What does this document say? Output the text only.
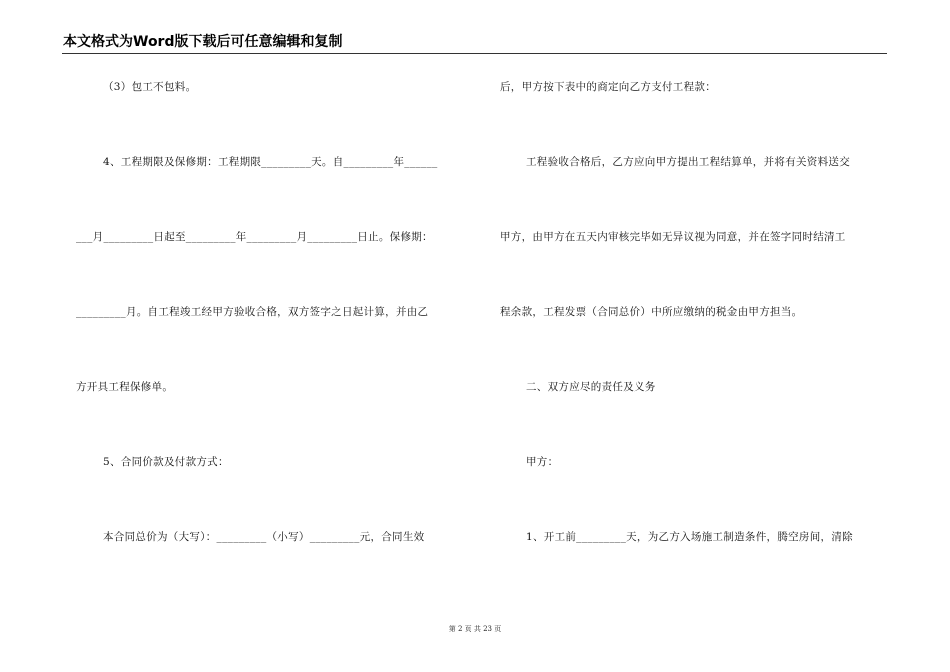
本文格式为Word版下载后可任意编辑和复制
（3）包工不包料。
4、工程期限及保修期：工程期限_________天。自_________年______
___月_________日起至_________年_________月_________日止。保修期：
_________月。自工程竣工经甲方验收合格，双方签字之日起计算，并由乙
方开具工程保修单。
5、合同价款及付款方式：
本合同总价为（大写）：_________（小写）_________元，合同生效
后，甲方按下表中的商定向乙方支付工程款：
工程验收合格后，乙方应向甲方提出工程结算单，并将有关资料送交
甲方，由甲方在五天内审核完毕如无异议视为同意，并在签字同时结清工
程余款，工程发票（合同总价）中所应缴纳的税金由甲方担当。
二、双方应尽的责任及义务
甲方：
1、开工前_________天，为乙方入场施工制造条件，腾空房间，清除
第 2 页 共 23 页
